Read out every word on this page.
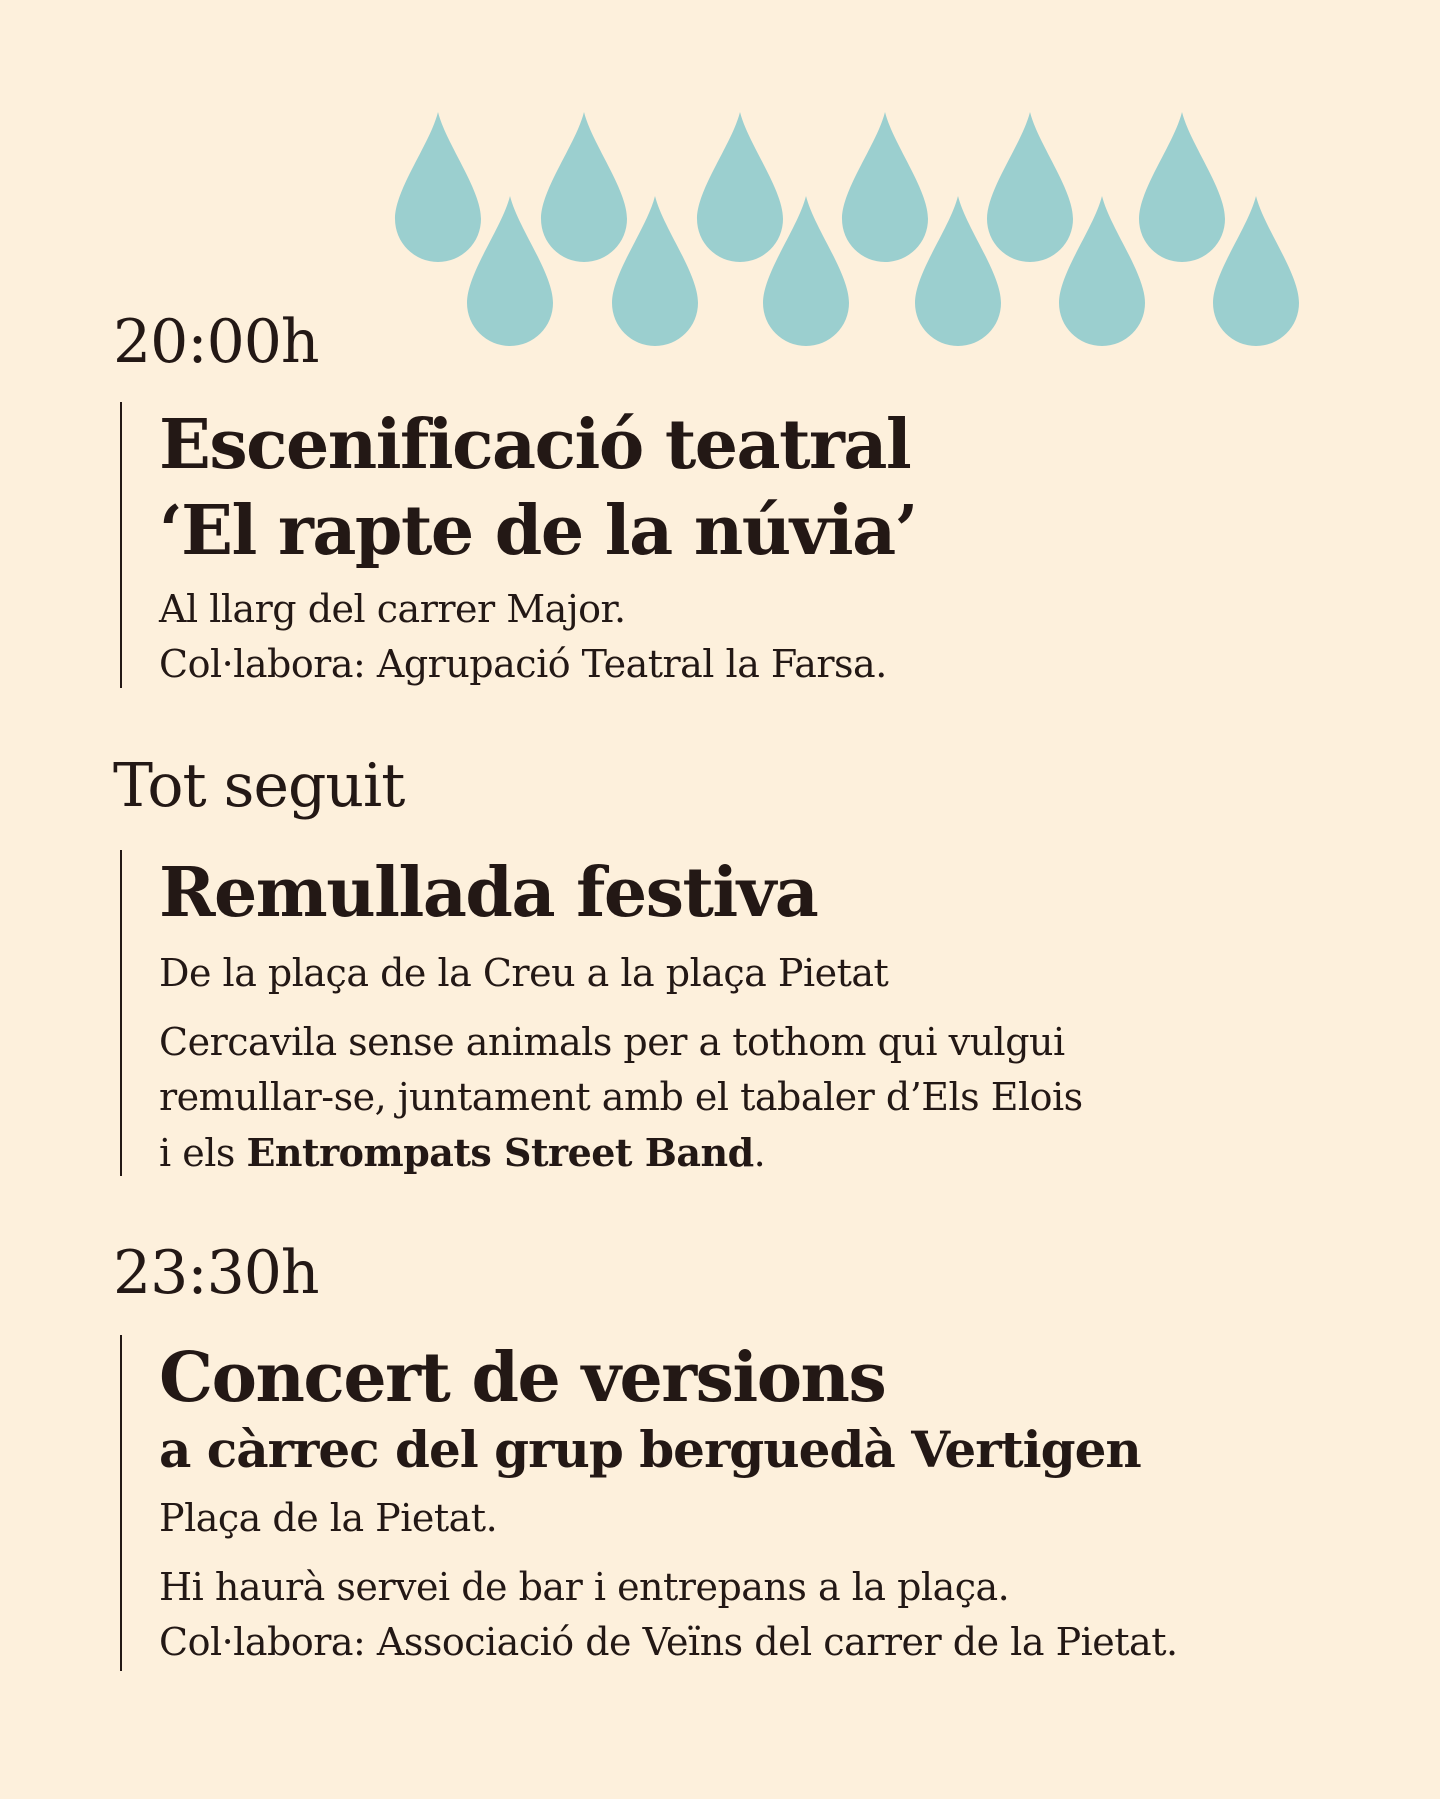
20:00h
Escenificació teatral
‘El rapte de la núvia’
Al llarg del carrer Major.
Col·labora: Agrupació Teatral la Farsa.
Tot seguit
Remullada festiva
De la plaça de la Creu a la plaça Pietat
Cercavila sense animals per a tothom qui vulgui
remullar-se, juntament amb el tabaler d’Els Elois
i els Entrompats Street Band.
23:30h
Concert de versions
a càrrec del grup berguedà Vertigen
Plaça de la Pietat.
Hi haurà servei de bar i entrepans a la plaça.
Col·labora: Associació de Veïns del carrer de la Pietat.
